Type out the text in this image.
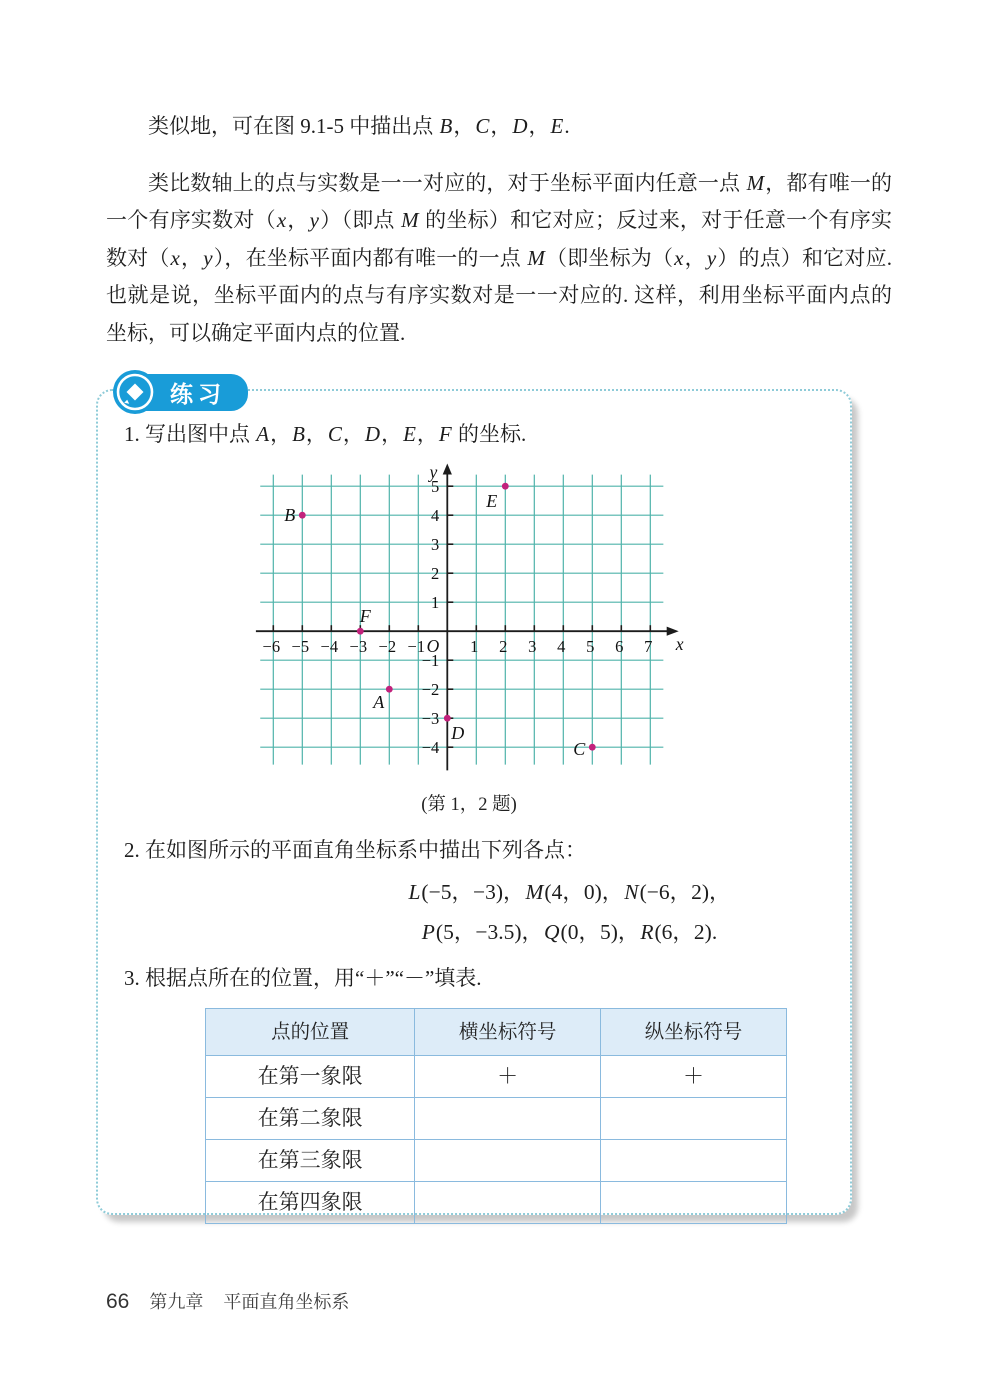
类似地，可在图 9.1-5 中描出点 B，C，D，E.

类比数轴上的点与实数是一一对应的，对于坐标平面内任意一点 M，都有唯一的一个有序实数对（x，y）（即点 M 的坐标）和它对应；反过来，对于任意一个有序实数对（x，y），在坐标平面内都有唯一的一点 M（即坐标为（x，y）的点）和它对应. 也就是说，坐标平面内的点与有序实数对是一一对应的. 这样，利用坐标平面内点的坐标，可以确定平面内点的位置.

练习

1. 写出图中点 A，B，C，D，E，F 的坐标.

−6 −5 −4 −3 −2 −1	1 2 3 4 5 6 7
−4
−3
−2
−1
1
2
3
4
5
O	x
y
A
B
C
D
E
F
(第 1，2 题)

2. 在如图所示的平面直角坐标系中描出下列各点：

L(−5，−3)，M(4，0)，N(−6，2)，
P(5，−3.5)，Q(0，5)，R(6，2).

3. 根据点所在的位置，用“＋”“－”填表.

点的位置	横坐标符号	纵坐标符号
在第一象限	＋	＋
在第二象限		
在第三象限		
在第四象限		
66 第九章 平面直角坐标系
